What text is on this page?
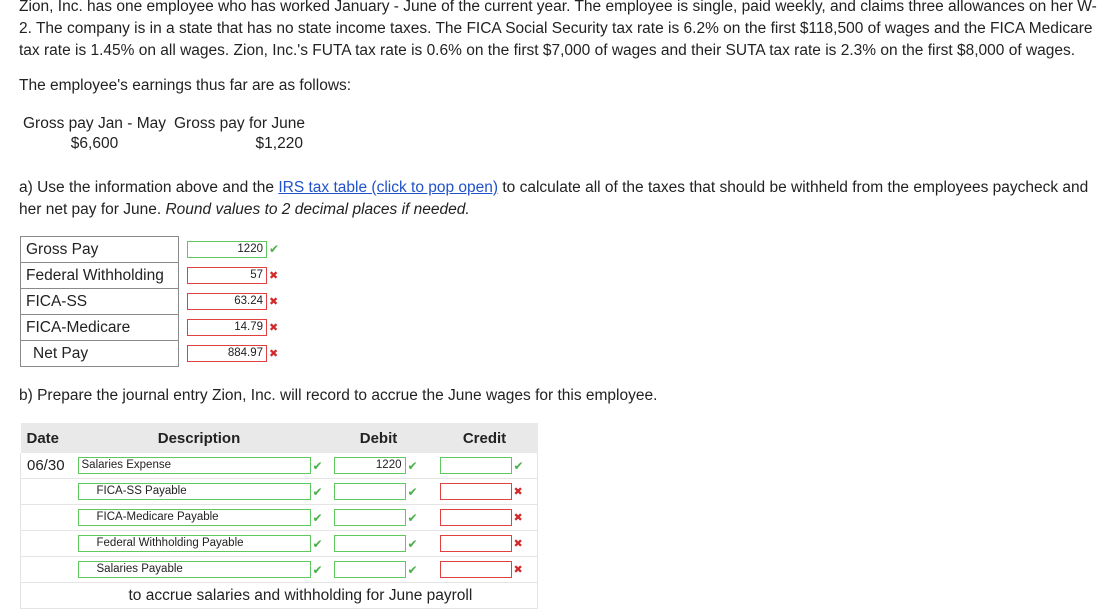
Zion, Inc. has one employee who has worked January - June of the current year. The employee is single, paid weekly, and claims three allowances on her W-2. The company is in a state that has no state income taxes. The FICA Social Security tax rate is 6.2% on the first $118,500 of wages and the FICA Medicare tax rate is 1.45% on all wages. Zion, Inc.'s FUTA tax rate is 0.6% on the first $7,000 of wages and their SUTA tax rate is 2.3% on the first $8,000 of wages.
The employee's earnings thus far are as follows:
Gross pay Jan - May	Gross pay for June
$6,600	$1,220
a) Use the information above and the IRS tax table (click to pop open) to calculate all of the taxes that should be withheld from the employees paycheck and her net pay for June. Round values to 2 decimal places if needed.
Gross Pay	1220 ✔
Federal Withholding	57 ✖
FICA-SS	63.24 ✖
FICA-Medicare	14.79 ✖
Net Pay	884.97 ✖
b) Prepare the journal entry Zion, Inc. will record to accrue the June wages for this employee.
Date	Description	Debit	Credit
06/30	Salaries Expense ✔	1220 ✔	✔
	FICA-SS Payable ✔	✔	✖
	FICA-Medicare Payable ✔	✔	✖
	Federal Withholding Payable ✔	✔	✖
	Salaries Payable ✔	✔	✖
	to accrue salaries and withholding for June payroll		
